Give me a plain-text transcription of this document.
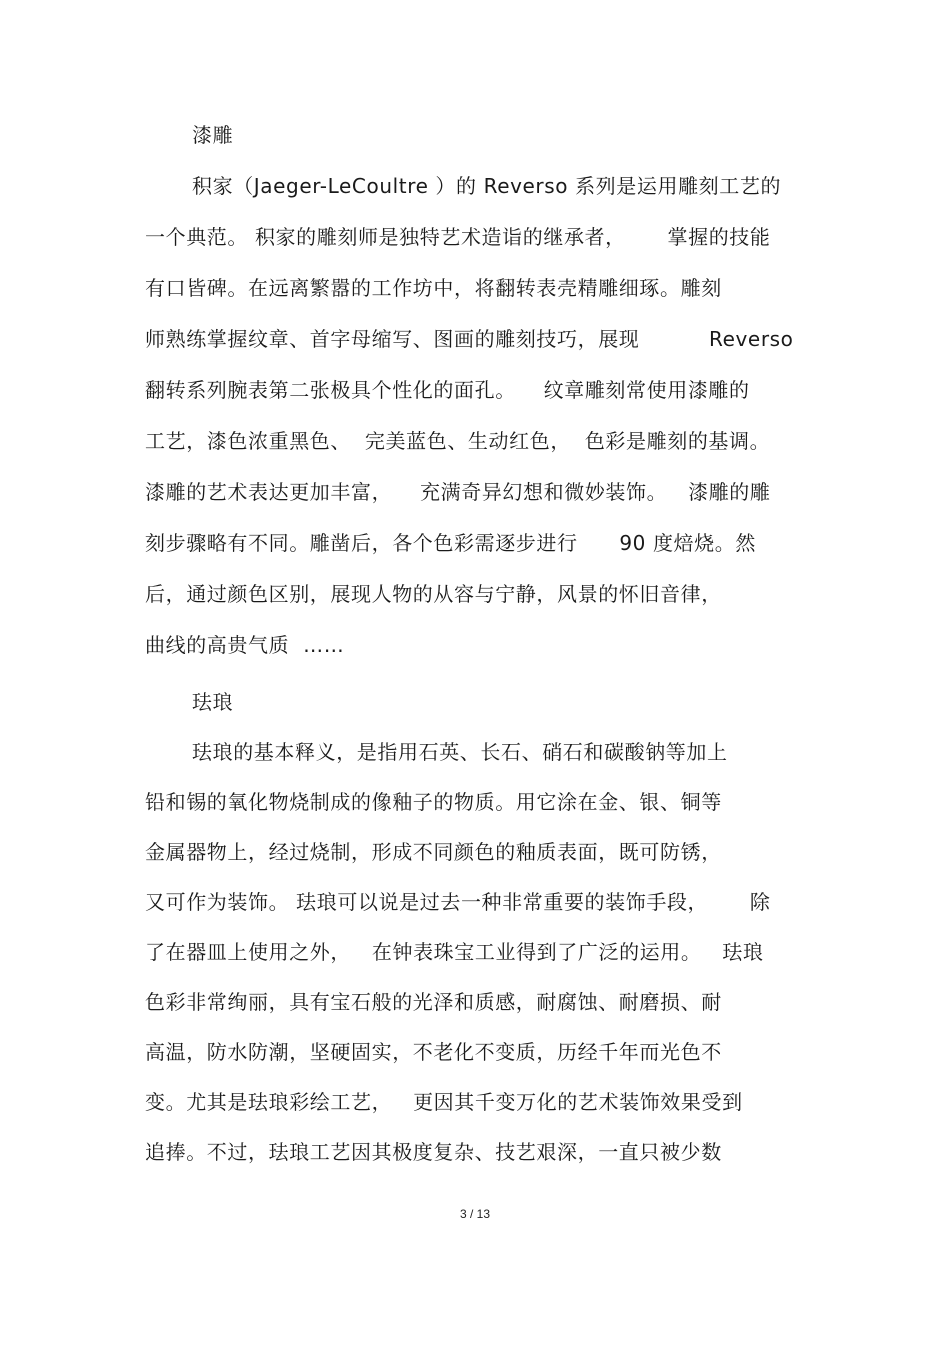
漆雕
积家（Jaeger-LeCoultre ）的 Reverso 系列是运用雕刻工艺的
一个典范。 积家的雕刻师是独特艺术造诣的继承者，      掌握的技能
有口皆碑。在远离繁嚣的工作坊中，将翻转表壳精雕细琢。雕刻
师熟练掌握纹章、首字母缩写、图画的雕刻技巧，展现          Reverso
翻转系列腕表第二张极具个性化的面孔。    纹章雕刻常使用漆雕的
工艺，漆色浓重黑色、  完美蓝色、生动红色，  色彩是雕刻的基调。
漆雕的艺术表达更加丰富，    充满奇异幻想和微妙装饰。   漆雕的雕
刻步骤略有不同。雕凿后，各个色彩需逐步进行      90 度焙烧。然
后，通过颜色区别，展现人物的从容与宁静，风景的怀旧音律，
曲线的高贵气质  ……
珐琅
珐琅的基本释义，是指用石英、长石、硝石和碳酸钠等加上
铅和锡的氧化物烧制成的像釉子的物质。用它涂在金、银、铜等
金属器物上，经过烧制，形成不同颜色的釉质表面，既可防锈，
又可作为装饰。 珐琅可以说是过去一种非常重要的装饰手段，      除
了在器皿上使用之外，   在钟表珠宝工业得到了广泛的运用。   珐琅
色彩非常绚丽，具有宝石般的光泽和质感，耐腐蚀、耐磨损、耐
高温，防水防潮，坚硬固实，不老化不变质，历经千年而光色不
变。尤其是珐琅彩绘工艺，   更因其千变万化的艺术装饰效果受到
追捧。不过，珐琅工艺因其极度复杂、技艺艰深，一直只被少数
3 / 13
